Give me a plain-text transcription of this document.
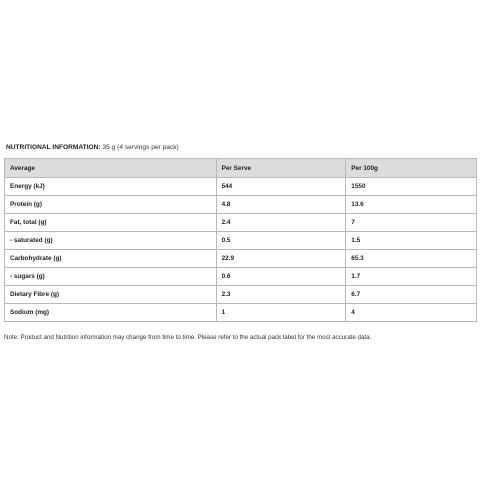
NUTRITIONAL INFORMATION: 35 g (4 servings per pack)
Average	Per Serve	Per 100g
Energy (kJ)	544	1550
Protein (g)	4.8	13.6
Fat, total (g)	2.4	7
- saturated (g)	0.5	1.5
Carbohydrate (g)	22.9	65.3
- sugars (g)	0.6	1.7
Dietary Fibre (g)	2.3	6.7
Sodium (mg)	1	4
Note: Product and Nutrition information may change from time to time. Please refer to the actual pack label for the most accurate data.
